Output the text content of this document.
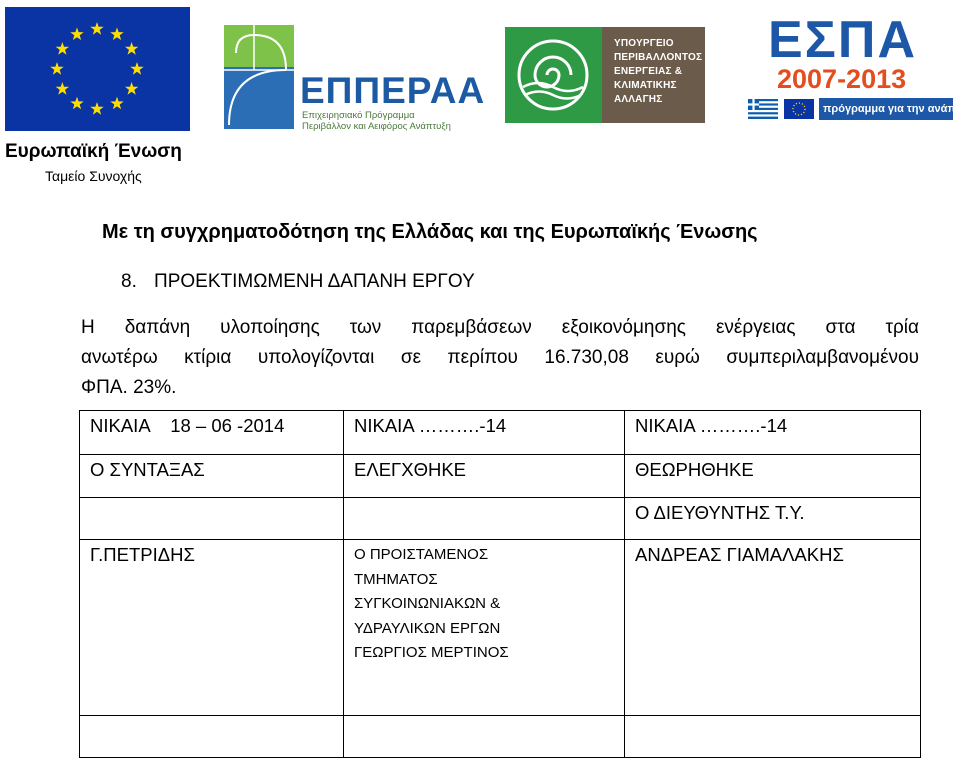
Ευρωπαϊκή Ένωση
Ταμείο Συνοχής
ΕΠΠΕΡΑΑ
Επιχειρησιακό Πρόγραμμα
Περιβάλλον και Αειφόρος Ανάπτυξη
ΥΠΟΥΡΓΕΙΟ
ΠΕΡΙΒΑΛΛΟΝΤΟΣ
ΕΝΕΡΓΕΙΑΣ &
ΚΛΙΜΑΤΙΚΗΣ
ΑΛΛΑΓΗΣ
ΕΣΠΑ
2007-2013
πρόγραμμα για την ανάπτυξη
Με τη συγχρηματοδότηση της Ελλάδας και της Ευρωπαϊκής Ένωσης
8. ΠΡΟΕΚΤΙΜΩΜΕΝΗ ΔΑΠΑΝΗ ΕΡΓΟΥ
Η δαπάνη υλοποίησης των παρεμβάσεων εξοικονόμησης ενέργειας στα τρία
ανωτέρω κτίρια υπολογίζονται σε περίπου 16.730,08 ευρώ συμπεριλαμβανομένου
ΦΠΑ. 23%.
ΝΙΚΑΙΑ    18 – 06 -2014	ΝΙΚΑΙΑ ……….-14	ΝΙΚΑΙΑ ……….-14
Ο ΣΥΝΤΑΞΑΣ	ΕΛΕΓΧΘΗΚΕ	ΘΕΩΡΗΘΗΚΕ
		Ο ΔΙΕΥΘΥΝΤΗΣ Τ.Υ.
Γ.ΠΕΤΡΙΔΗΣ	Ο ΠΡΟΙΣΤΑΜΕΝΟΣ
ΤΜΗΜΑΤΟΣ
ΣΥΓΚΟΙΝΩΝΙΑΚΩΝ &
ΥΔΡΑΥΛΙΚΩΝ ΕΡΓΩΝ
ΓΕΩΡΓΙΟΣ ΜΕΡΤΙΝΟΣ	ΑΝΔΡΕΑΣ ΓΙΑΜΑΛΑΚΗΣ
